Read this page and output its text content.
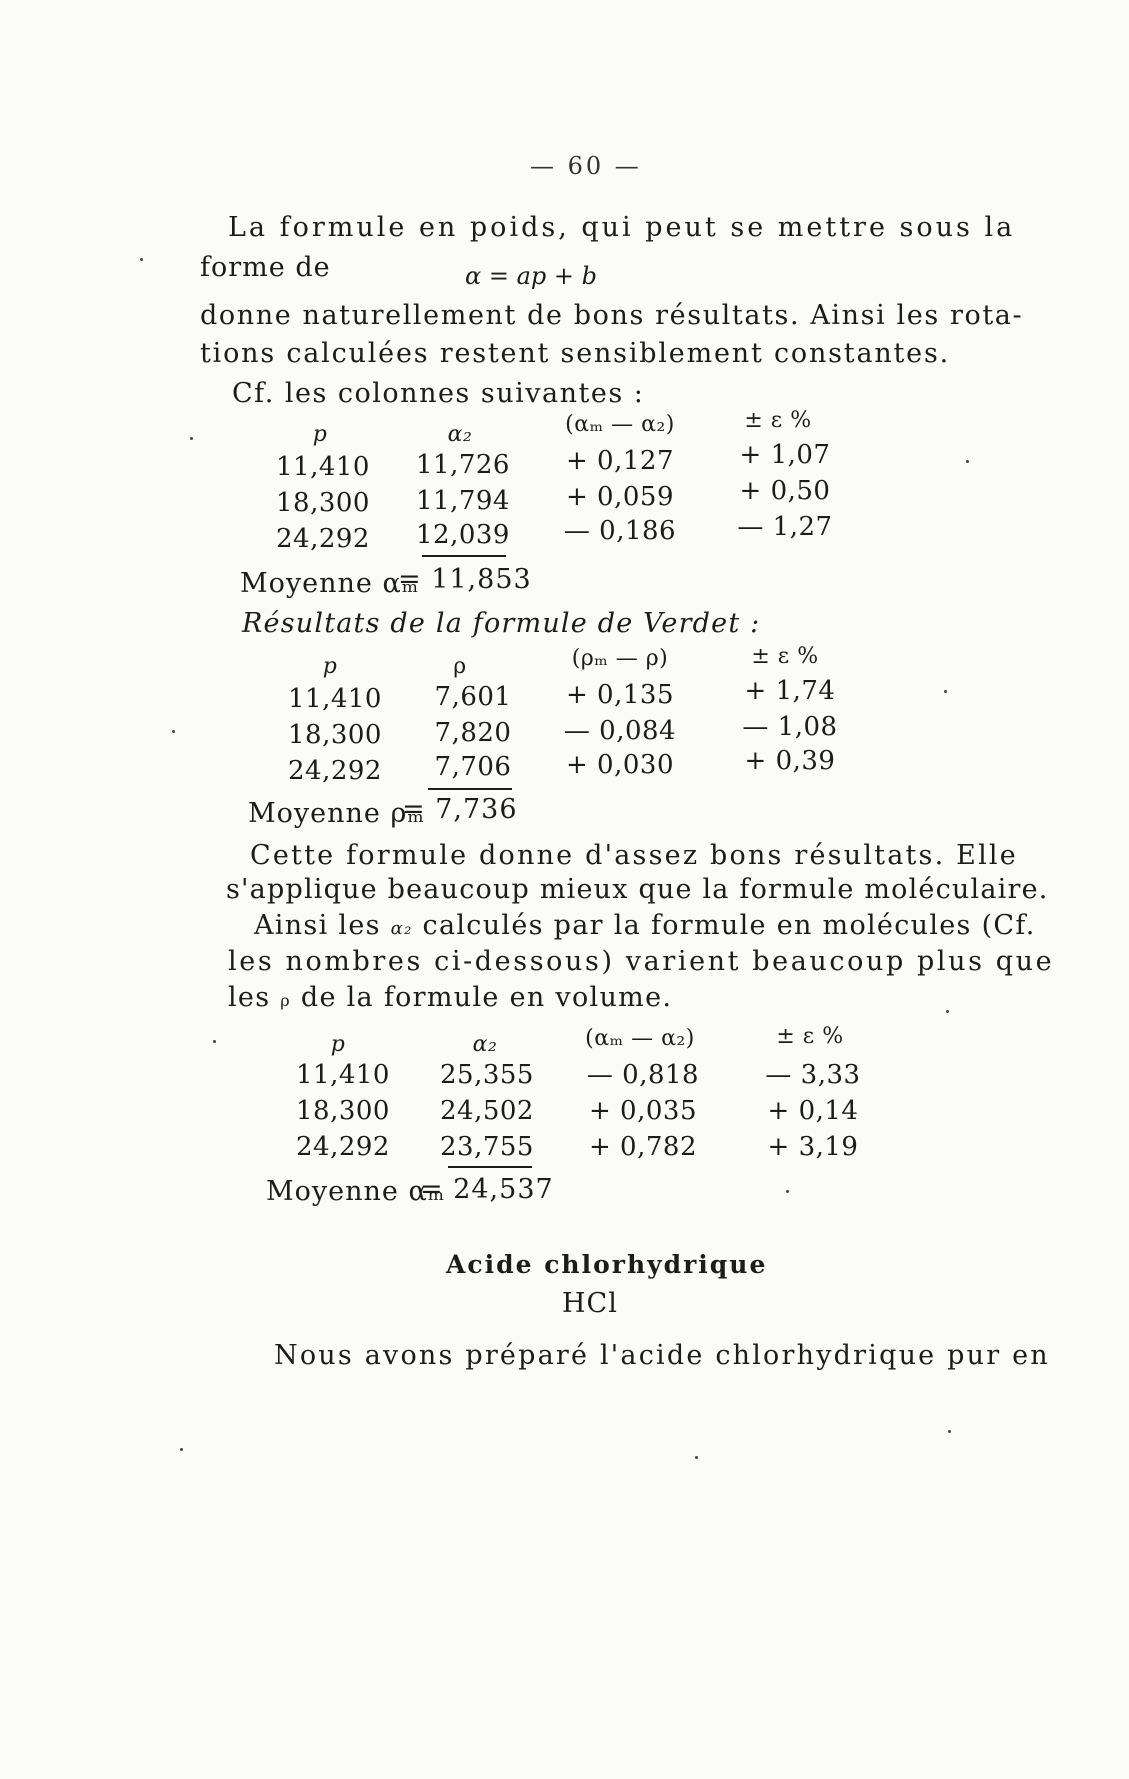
— 60 —
La formule en poids, qui peut se mettre sous la
forme de	α = ap + b
donne naturellement de bons résultats. Ainsi les rota-
tions calculées restent sensiblement constantes.
Cf. les colonnes suivantes :
p	α₂	(αₘ — α₂)	± ε %
11,410	11,726	+ 0,127	+ 1,07
18,300	11,794	+ 0,059	+ 0,50
24,292	12,039	— 0,186	— 1,27
Moyenne αₘ
= 11,853
Résultats de la formule de Verdet :
p	ρ	(ρₘ — ρ)	± ε %
11,410	7,601	+ 0,135	+ 1,74
18,300	7,820	— 0,084	— 1,08
24,292	7,706	+ 0,030	+ 0,39
Moyenne ρₘ
= 7,736
Cette formule donne d'assez bons résultats. Elle
s'applique beaucoup mieux que la formule moléculaire.
Ainsi les α₂ calculés par la formule en molécules (Cf.
les nombres ci-dessous) varient beaucoup plus que
les ρ de la formule en volume.
p	α₂	(αₘ — α₂)	± ε %
11,410	25,355	— 0,818	— 3,33
18,300	24,502	+ 0,035	+ 0,14
24,292	23,755	+ 0,782	+ 3,19
Moyenne αₘ
= 24,537
Acide chlorhydrique
HCl
Nous avons préparé l'acide chlorhydrique pur en
